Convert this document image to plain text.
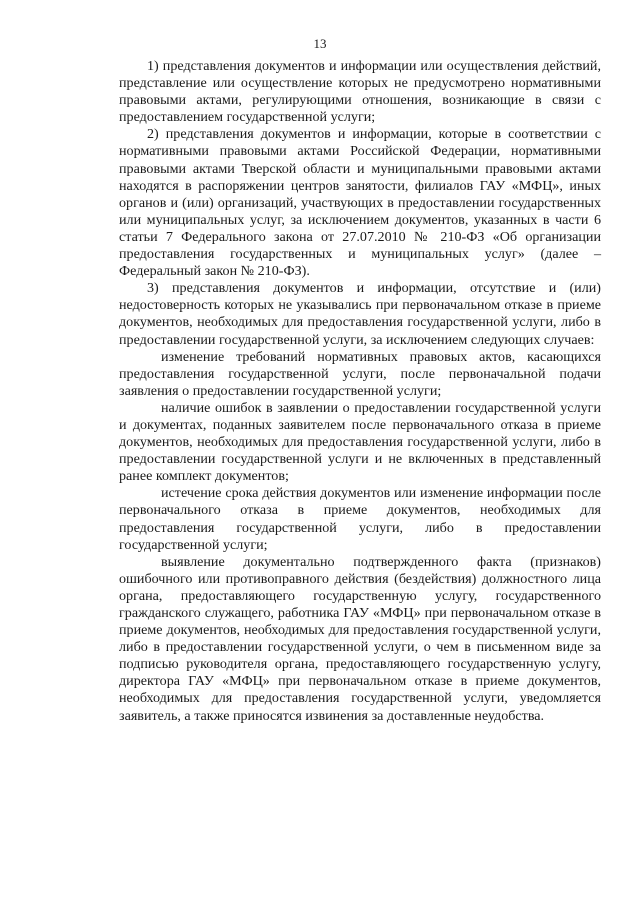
13

1) представления документов и информации или осуществления действий, представление или осуществление которых не предусмотрено нормативными правовыми актами, регулирующими отношения, возникающие в связи с предоставлением государственной услуги;

2) представления документов и информации, которые в соответствии с нормативными правовыми актами Российской Федерации, нормативными правовыми актами Тверской области и муниципальными правовыми актами находятся в распоряжении центров занятости, филиалов ГАУ «МФЦ», иных органов и (или) организаций, участвующих в предоставлении государственных или муниципальных услуг, за исключением документов, указанных в части 6 статьи 7 Федерального закона от 27.07.2010 № 210-ФЗ «Об организации предоставления государственных и муниципальных услуг» (далее – Федеральный закон № 210-ФЗ).

3) представления документов и информации, отсутствие и (или) недостоверность которых не указывались при первоначальном отказе в приеме документов, необходимых для предоставления государственной услуги, либо в предоставлении государственной услуги, за исключением следующих случаев:

изменение требований нормативных правовых актов, касающихся предоставления государственной услуги, после первоначальной подачи заявления о предоставлении государственной услуги;

наличие ошибок в заявлении о предоставлении государственной услуги и документах, поданных заявителем после первоначального отказа в приеме документов, необходимых для предоставления государственной услуги, либо в предоставлении государственной услуги и не включенных в представленный ранее комплект документов;

истечение срока действия документов или изменение информации после первоначального отказа в приеме документов, необходимых для предоставления государственной услуги, либо в предоставлении государственной услуги;

выявление документально подтвержденного факта (признаков) ошибочного или противоправного действия (бездействия) должностного лица органа, предоставляющего государственную услугу, государственного гражданского служащего, работника ГАУ «МФЦ» при первоначальном отказе в приеме документов, необходимых для предоставления государственной услуги, либо в предоставлении государственной услуги, о чем в письменном виде за подписью руководителя органа, предоставляющего государственную услугу, директора ГАУ «МФЦ» при первоначальном отказе в приеме документов, необходимых для предоставления государственной услуги, уведомляется заявитель, а также приносятся извинения за доставленные неудобства.
